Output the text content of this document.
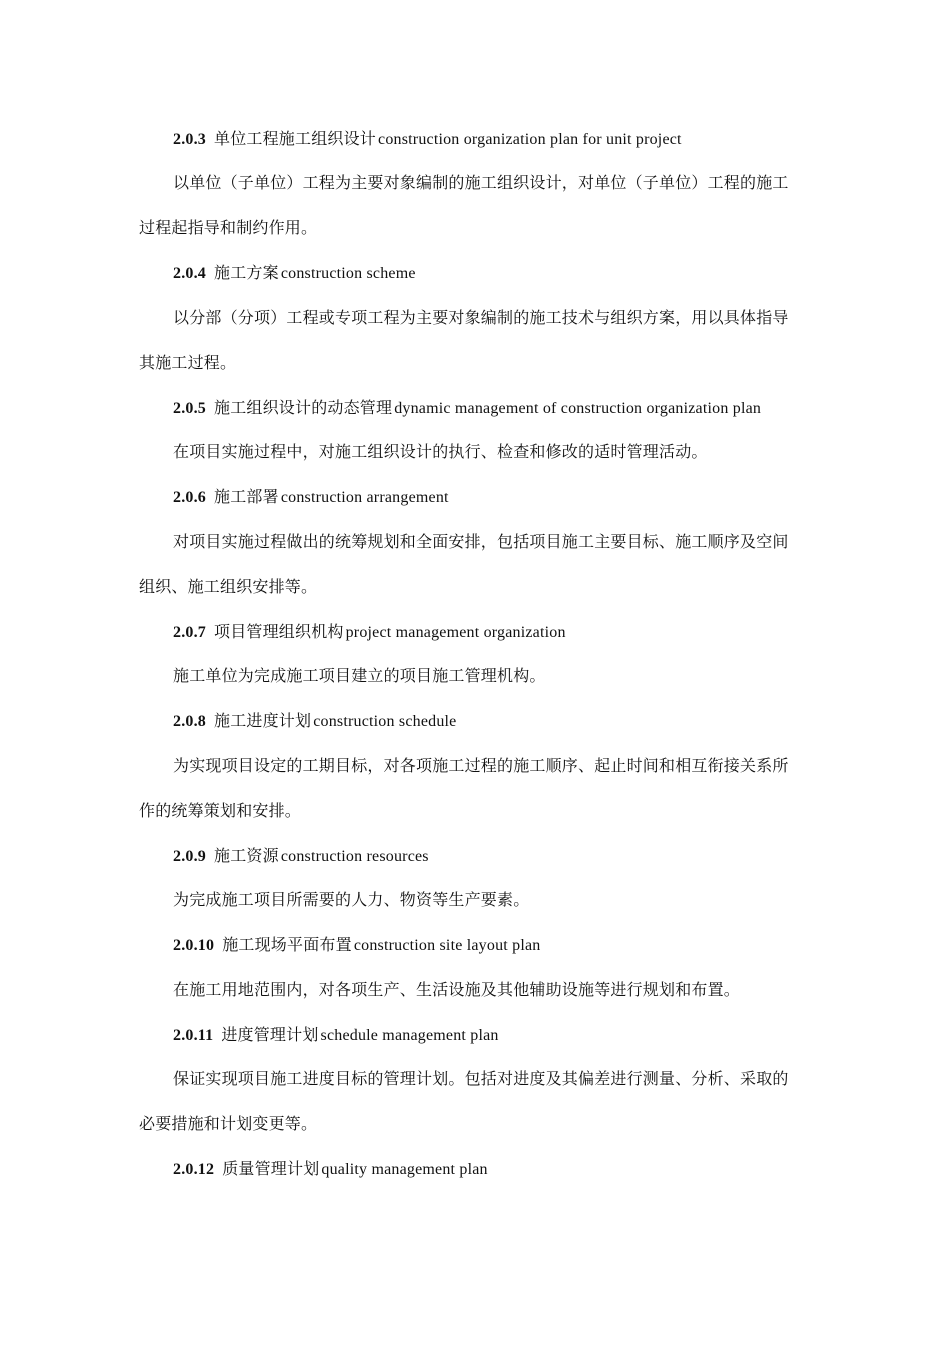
2.0.3 单位工程施工组织设计 construction organization plan for unit project
以单位（子单位）工程为主要对象编制的施工组织设计，对单位（子单位）工程的施工
过程起指导和制约作用。
2.0.4 施工方案 construction scheme
以分部（分项）工程或专项工程为主要对象编制的施工技术与组织方案，用以具体指导
其施工过程。
2.0.5 施工组织设计的动态管理 dynamic management of construction organization plan
在项目实施过程中，对施工组织设计的执行、检查和修改的适时管理活动。
2.0.6 施工部署 construction arrangement
对项目实施过程做出的统筹规划和全面安排，包括项目施工主要目标、施工顺序及空间
组织、施工组织安排等。
2.0.7 项目管理组织机构 project management organization
施工单位为完成施工项目建立的项目施工管理机构。
2.0.8 施工进度计划 construction schedule
为实现项目设定的工期目标，对各项施工过程的施工顺序、起止时间和相互衔接关系所
作的统筹策划和安排。
2.0.9 施工资源 construction resources
为完成施工项目所需要的人力、物资等生产要素。
2.0.10 施工现场平面布置 construction site layout plan
在施工用地范围内，对各项生产、生活设施及其他辅助设施等进行规划和布置。
2.0.11 进度管理计划 schedule management plan
保证实现项目施工进度目标的管理计划。包括对进度及其偏差进行测量、分析、采取的
必要措施和计划变更等。
2.0.12 质量管理计划 quality management plan
